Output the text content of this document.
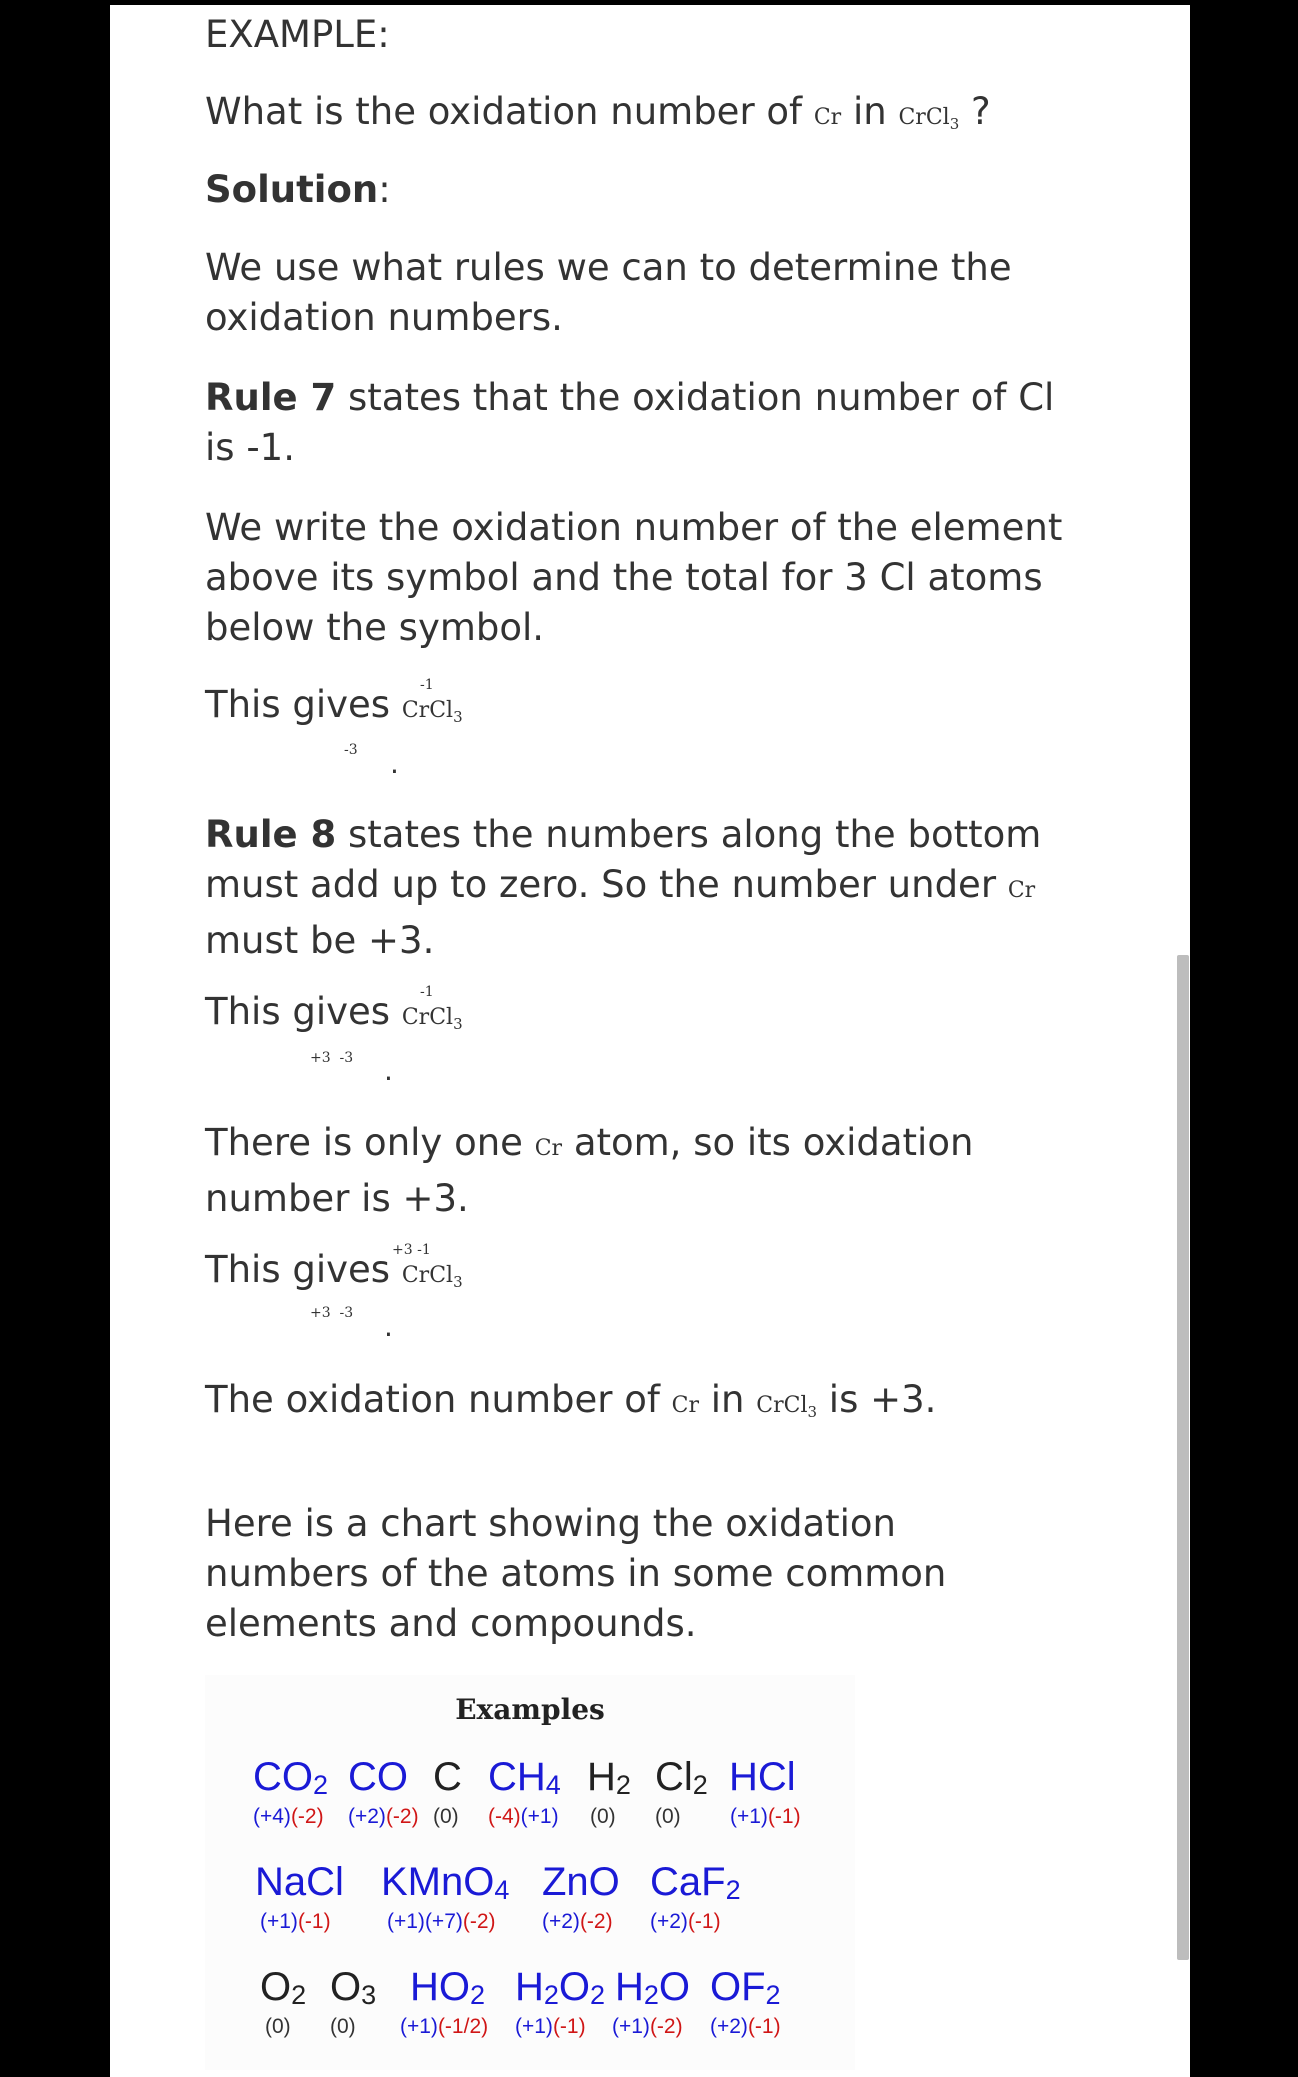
EXAMPLE:

What is the oxidation number of Cr in CrCl$_3$ ?

Solution:

We use what rules we can to determine the oxidation numbers.

Rule 7 states that the oxidation number of Cl is -1.

We write the oxidation number of the element above its symbol and the total for 3 Cl atoms below the symbol.

This gives CrCl$_3$

-1
-3 .

Rule 8 states the numbers along the bottom must add up to zero. So the number under Cr must be +3.

This gives CrCl$_3$

-1
+3  -3 .

There is only one Cr atom, so its oxidation number is +3.

This gives CrCl$_3$

+3 -1
+3  -3 .

The oxidation number of Cr in CrCl$_3$ is +3.

Here is a chart showing the oxidation numbers of the atoms in some common elements and compounds.

Examples
$CO_2$
(+4)(-2)
CO
(+2)(-2)
C
(0)
$CH_4$
(-4)(+1)
$H_2$
(0)
$Cl_2$
(0)
HCl
(+1)(-1)
NaCl
(+1)(-1)
KMnO$_4$
(+1)(+7)(-2)
ZnO
(+2)(-2)
CaF$_2$
(+2)(-1)
$O_2$
(0)
$O_3$
(0)
$HO_2$
(+1)(-1/2)
$H_2O_2$
(+1)(-1)
$H_2O$
(+1)(-2)
$OF_2$
(+2)(-1)
